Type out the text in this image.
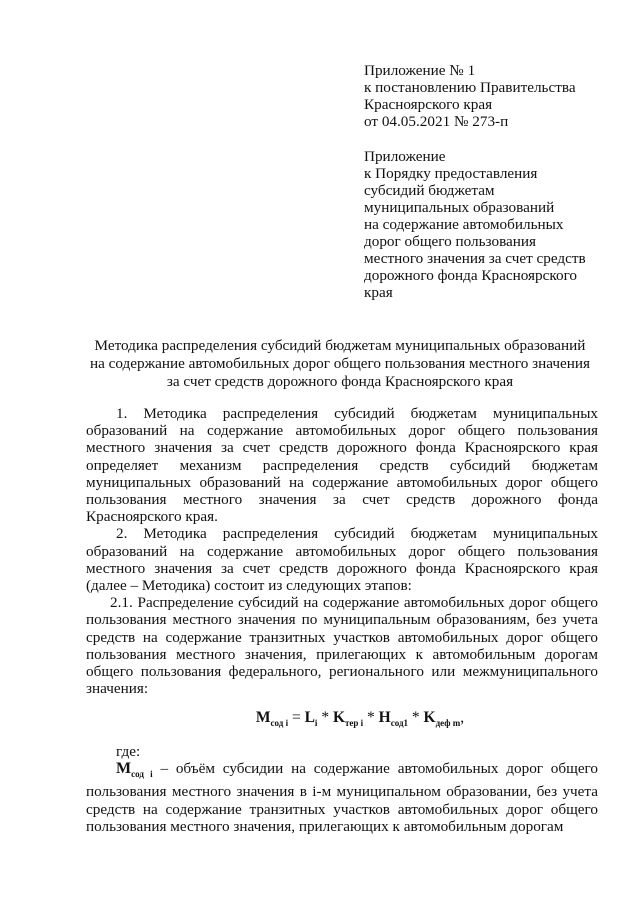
Приложение № 1
к постановлению Правительства
Красноярского края
от 04.05.2021 № 273-п
Приложение
к Порядку предоставления
субсидий бюджетам
муниципальных образований
на содержание автомобильных
дорог общего пользования
местного значения за счет средств
дорожного фонда Красноярского
края
Методика распределения субсидий бюджетам муниципальных образований
на содержание автомобильных дорог общего пользования местного значения
за счет средств дорожного фонда Красноярского края

1. Методика распределения субсидий бюджетам муниципальных образований на содержание автомобильных дорог общего пользования местного значения за счет средств дорожного фонда Красноярского края определяет механизм распределения средств субсидий бюджетам муниципальных образований на содержание автомобильных дорог общего пользования местного значения за счет средств дорожного фонда Красноярского края.

2. Методика распределения субсидий бюджетам муниципальных образований на содержание автомобильных дорог общего пользования местного значения за счет средств дорожного фонда Красноярского края (далее – Методика) состоит из следующих этапов:

2.1. Распределение субсидий на содержание автомобильных дорог общего пользования местного значения по муниципальным образованиям, без учета средств на содержание транзитных участков автомобильных дорог общего пользования местного значения, прилегающих к автомобильным дорогам общего пользования федерального, регионального или межмуниципального значения:

$M_{сод i} = L_i * K_{тер i} * H_{сод1} * K_{деф m}$,

где:

$M_{сод i}$ – объём субсидии на содержание автомобильных дорог общего пользования местного значения в i-м муниципальном образовании, без учета средств на содержание транзитных участков автомобильных дорог общего пользования местного значения, прилегающих к автомобильным дорогам
